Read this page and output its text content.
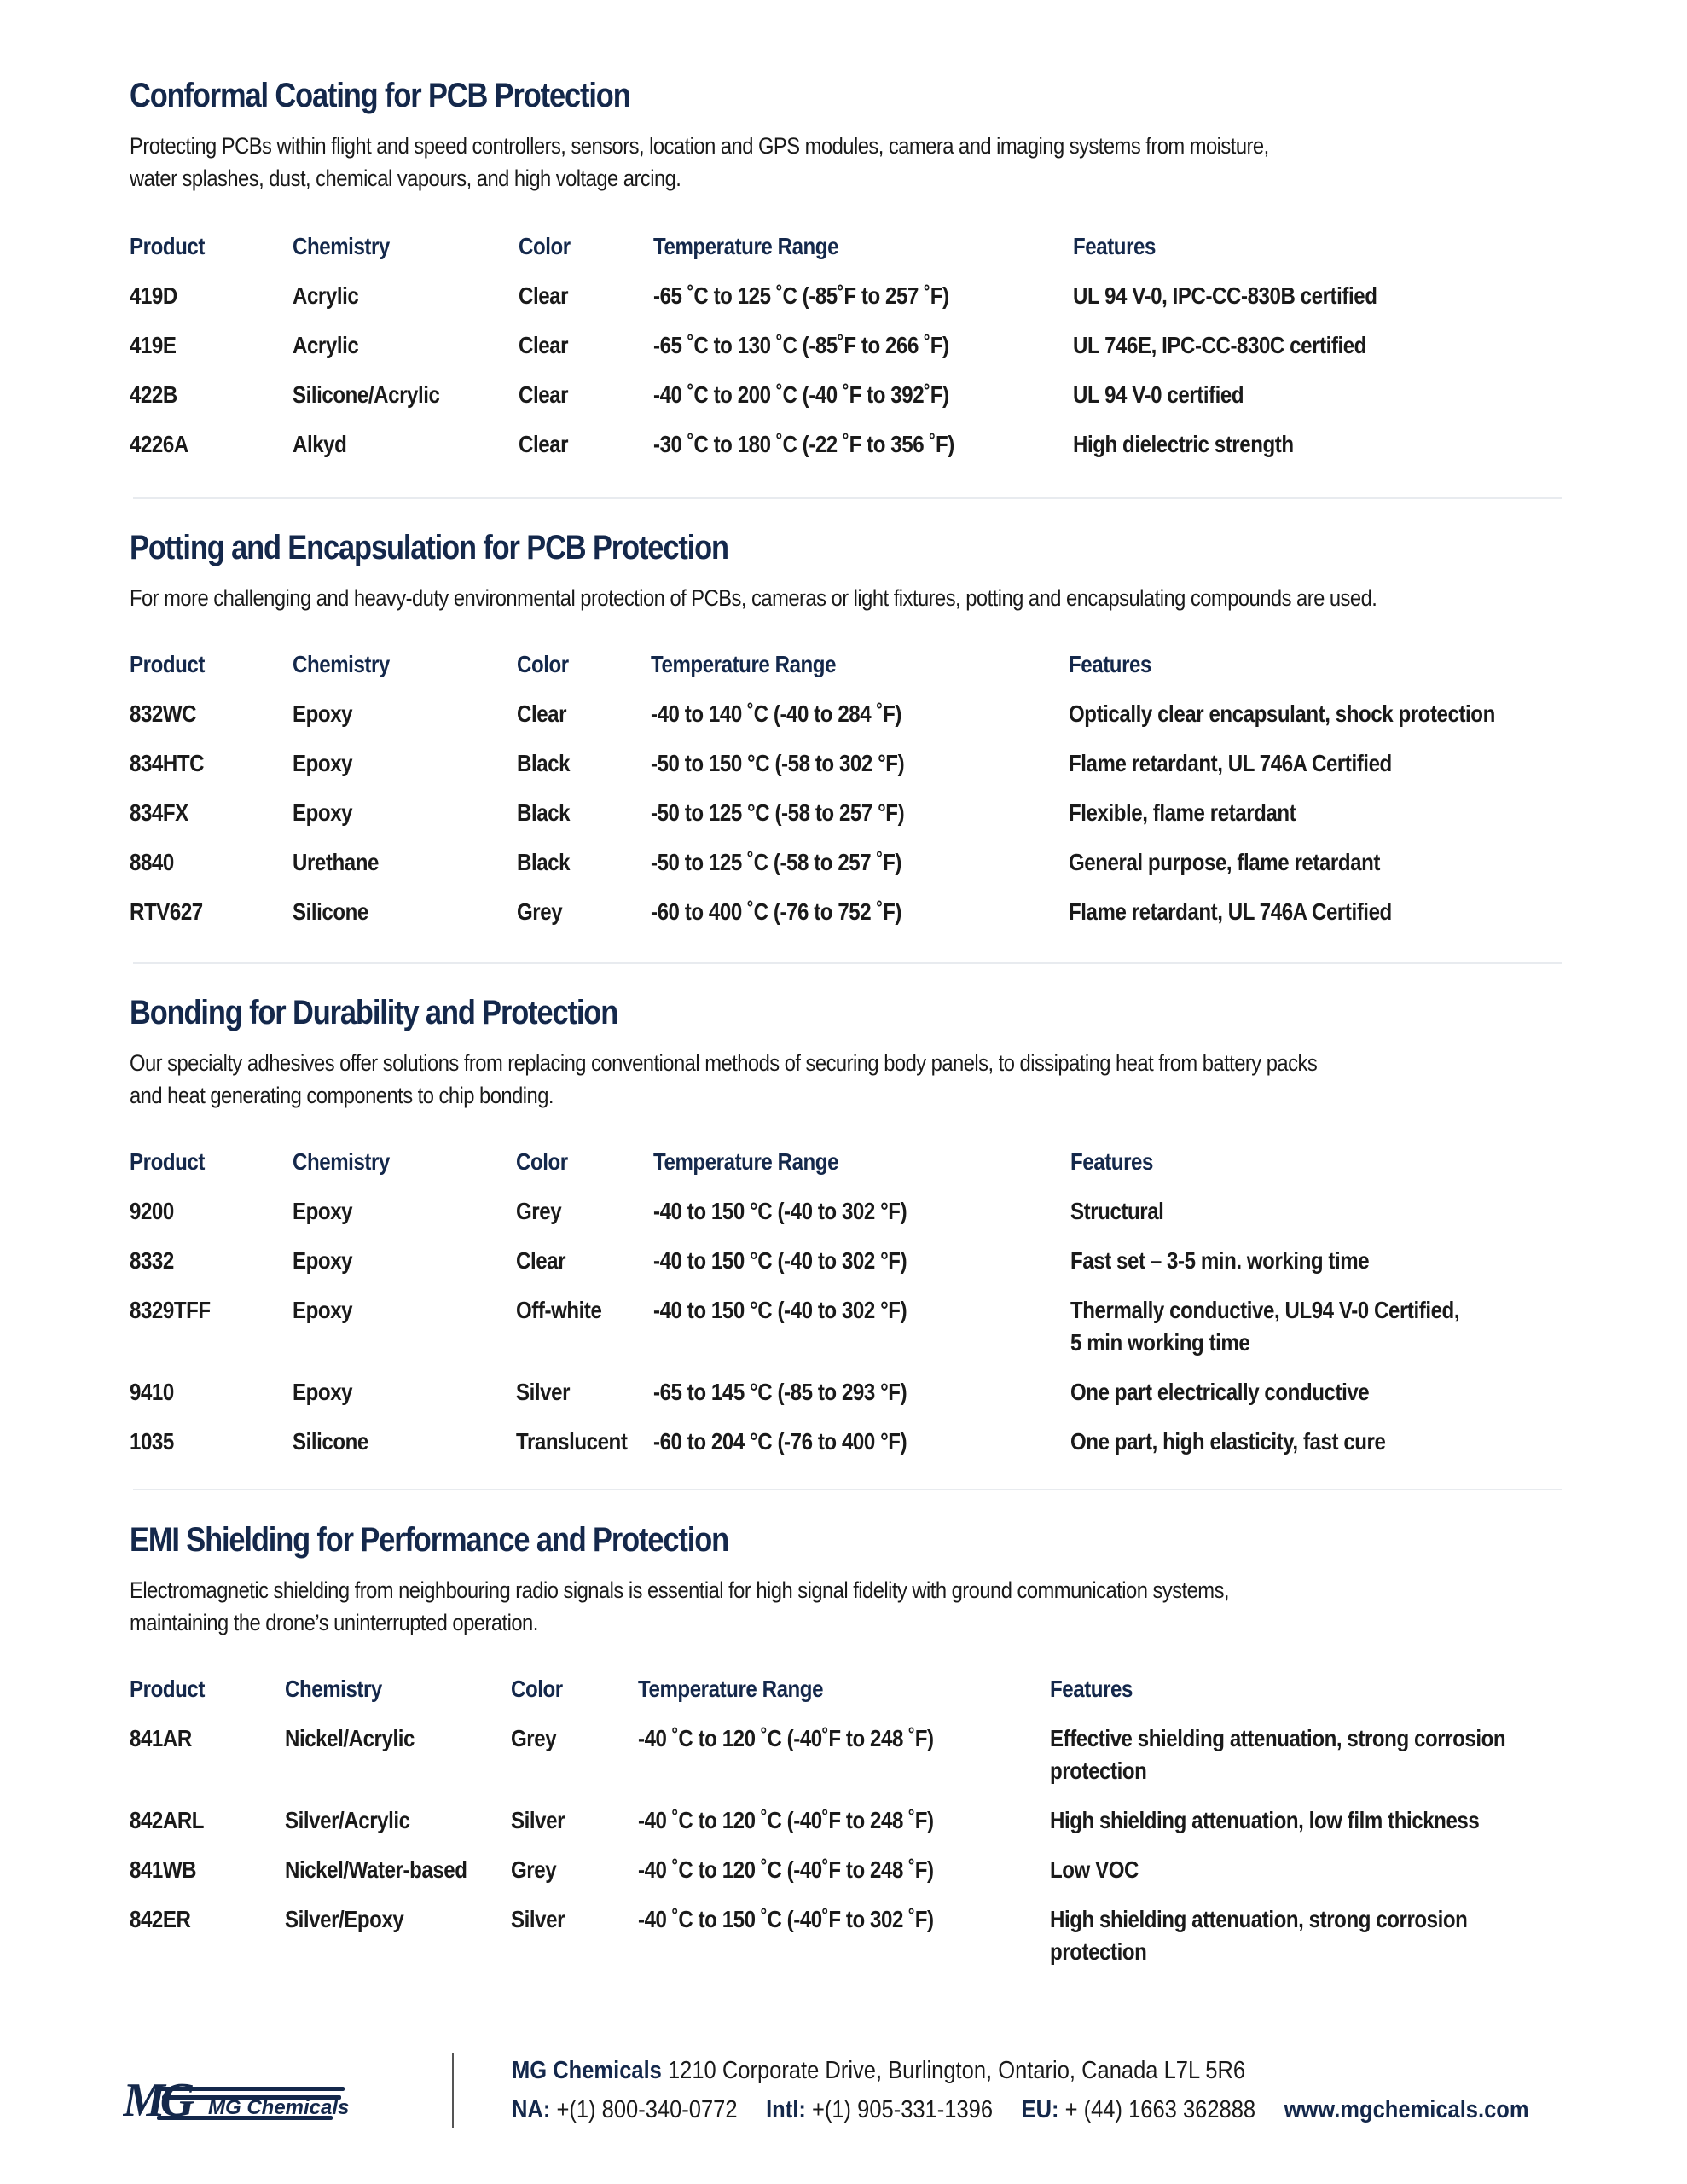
Conformal Coating for PCB Protection
Protecting PCBs within flight and speed controllers, sensors, location and GPS modules, camera and imaging systems from moisture,
water splashes, dust, chemical vapours, and high voltage arcing.
Product	Chemistry	Color	Temperature Range	Features
419D	Acrylic	Clear	-65 ˚C to 125 ˚C (-85˚F to 257 ˚F)	UL 94 V-0, IPC-CC-830B certified
419E	Acrylic	Clear	-65 ˚C to 130 ˚C (-85˚F to 266 ˚F)	UL 746E, IPC-CC-830C certified
422B	Silicone/Acrylic	Clear	-40 ˚C to 200 ˚C (-40 ˚F to 392˚F)	UL 94 V-0 certified
4226A	Alkyd	Clear	-30 ˚C to 180 ˚C (-22 ˚F to 356 ˚F)	High dielectric strength
Potting and Encapsulation for PCB Protection
For more challenging and heavy-duty environmental protection of PCBs, cameras or light fixtures, potting and encapsulating compounds are used.
Product	Chemistry	Color	Temperature Range	Features
832WC	Epoxy	Clear	-40 to 140 ˚C (-40 to 284 ˚F)	Optically clear encapsulant, shock protection
834HTC	Epoxy	Black	-50 to 150 °C (-58 to 302 °F)	Flame retardant, UL 746A Certified
834FX	Epoxy	Black	-50 to 125 °C (-58 to 257 °F)	Flexible, flame retardant
8840	Urethane	Black	-50 to 125 ˚C (-58 to 257 ˚F)	General purpose, flame retardant
RTV627	Silicone	Grey	-60 to 400 ˚C (-76 to 752 ˚F)	Flame retardant, UL 746A Certified
Bonding for Durability and Protection
Our specialty adhesives offer solutions from replacing conventional methods of securing body panels, to dissipating heat from battery packs
and heat generating components to chip bonding.
Product	Chemistry	Color	Temperature Range	Features
9200	Epoxy	Grey	-40 to 150 °C (-40 to 302 °F)	Structural
8332	Epoxy	Clear	-40 to 150 °C (-40 to 302 °F)	Fast set – 3-5 min. working time
8329TFF	Epoxy	Off-white	-40 to 150 °C (-40 to 302 °F)	Thermally conductive, UL94 V-0 Certified,
5 min working time
9410	Epoxy	Silver	-65 to 145 °C (-85 to 293 °F)	One part electrically conductive
1035	Silicone	Translucent	-60 to 204 °C (-76 to 400 °F)	One part, high elasticity, fast cure
EMI Shielding for Performance and Protection
Electromagnetic shielding from neighbouring radio signals is essential for high signal fidelity with ground communication systems,
maintaining the drone’s uninterrupted operation.
Product	Chemistry	Color	Temperature Range	Features
841AR	Nickel/Acrylic	Grey	-40 ˚C to 120 ˚C (-40˚F to 248 ˚F)	Effective shielding attenuation, strong corrosion
protection
842ARL	Silver/Acrylic	Silver	-40 ˚C to 120 ˚C (-40˚F to 248 ˚F)	High shielding attenuation, low film thickness
841WB	Nickel/Water-based	Grey	-40 ˚C to 120 ˚C (-40˚F to 248 ˚F)	Low VOC
842ER	Silver/Epoxy	Silver	-40 ˚C to 150 ˚C (-40˚F to 302 ˚F)	High shielding attenuation, strong corrosion
protection
MG MG Chemicals
MG Chemicals 1210 Corporate Drive, Burlington, Ontario, Canada L7L 5R6
NA: +(1) 800-340-0772 Intl: +(1) 905-331-1396 EU: + (44) 1663 362888 www.mgchemicals.com
